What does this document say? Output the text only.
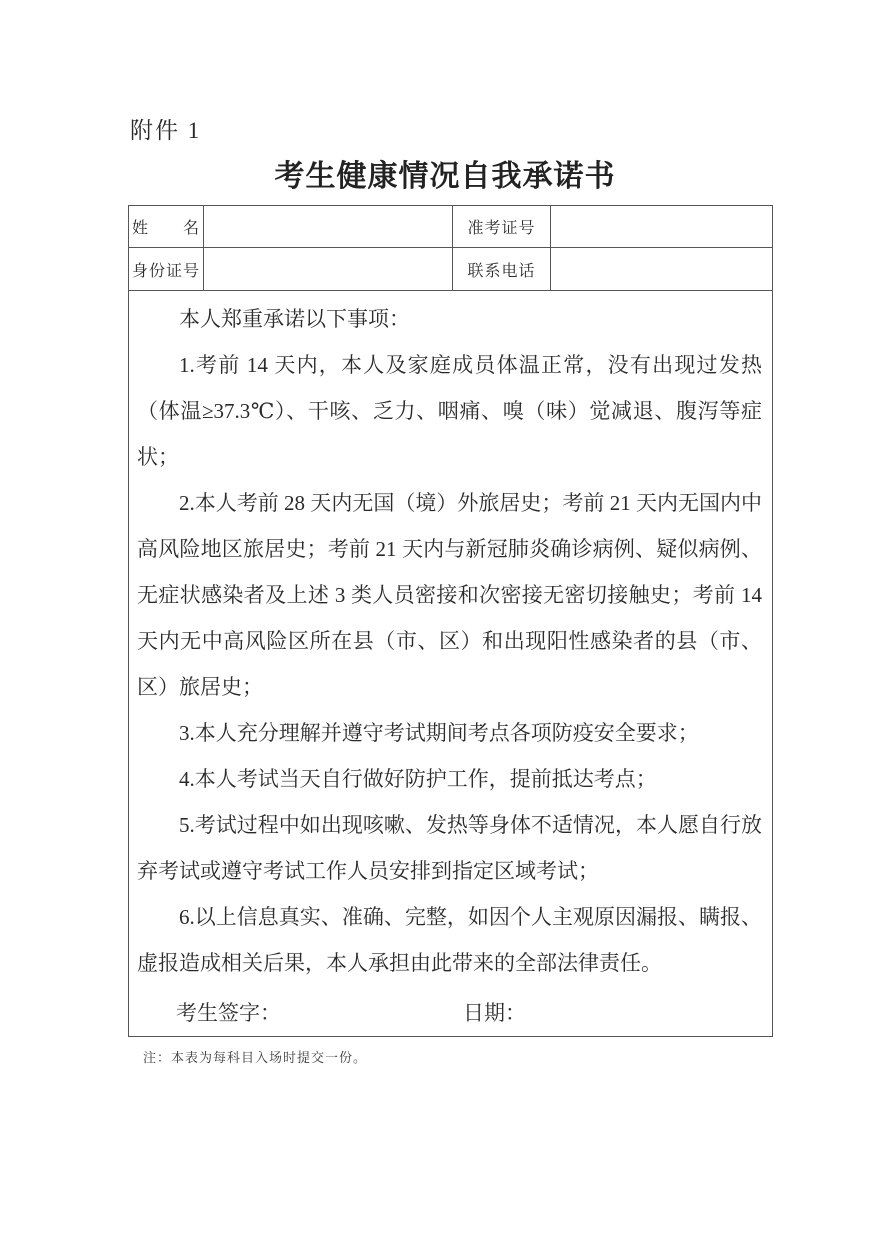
附件 1
考生健康情况自我承诺书
姓　　名		准考证号	
身份证号		联系电话	

本人郑重承诺以下事项：

1.考前 14 天内，本人及家庭成员体温正常，没有出现过发热（体温≥37.3℃）、干咳、乏力、咽痛、嗅（味）觉减退、腹泻等症状；

2.本人考前 28 天内无国（境）外旅居史；考前 21 天内无国内中高风险地区旅居史；考前 21 天内与新冠肺炎确诊病例、疑似病例、无症状感染者及上述 3 类人员密接和次密接无密切接触史；考前 14 天内无中高风险区所在县（市、区）和出现阳性感染者的县（市、区）旅居史；

3.本人充分理解并遵守考试期间考点各项防疫安全要求；

4.本人考试当天自行做好防护工作，提前抵达考点；

5.考试过程中如出现咳嗽、发热等身体不适情况，本人愿自行放弃考试或遵守考试工作人员安排到指定区域考试；

6.以上信息真实、准确、完整，如因个人主观原因漏报、瞒报、虚报造成相关后果，本人承担由此带来的全部法律责任。

考生签字：	日期：
注：本表为每科目入场时提交一份。
